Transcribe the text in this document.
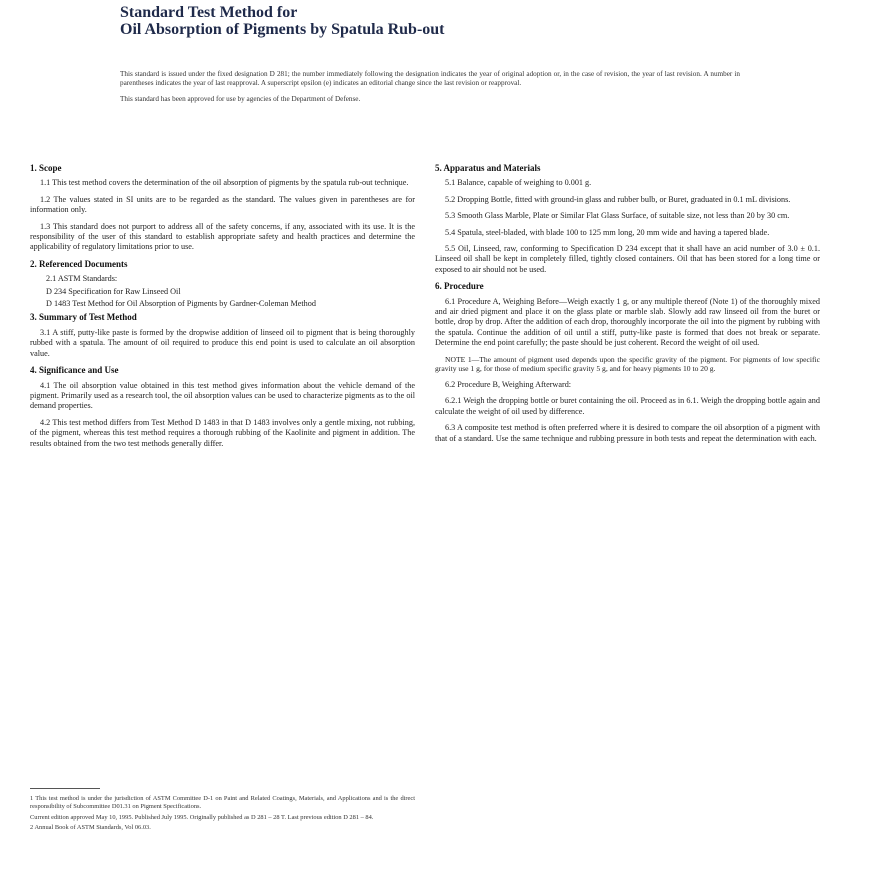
Standard Test Method for

Oil Absorption of Pigments by Spatula Rub-out

This standard is issued under the fixed designation D 281; the number immediately following the designation indicates the year of original adoption or, in the case of revision, the year of last revision. A number in parentheses indicates the year of last reapproval. A superscript epsilon (e) indicates an editorial change since the last revision or reapproval.

This standard has been approved for use by agencies of the Department of Defense.

1. Scope

1.1 This test method covers the determination of the oil absorption of pigments by the spatula rub-out technique.

1.2 The values stated in SI units are to be regarded as the standard. The values given in parentheses are for information only.

1.3 This standard does not purport to address all of the safety concerns, if any, associated with its use. It is the responsibility of the user of this standard to establish appropriate safety and health practices and determine the applicability of regulatory limitations prior to use.

2. Referenced Documents

2.1 ASTM Standards:

D 234 Specification for Raw Linseed Oil

D 1483 Test Method for Oil Absorption of Pigments by Gardner-Coleman Method

3. Summary of Test Method

3.1 A stiff, putty-like paste is formed by the dropwise addition of linseed oil to pigment that is being thoroughly rubbed with a spatula. The amount of oil required to produce this end point is used to calculate an oil absorption value.

4. Significance and Use

4.1 The oil absorption value obtained in this test method gives information about the vehicle demand of the pigment. Primarily used as a research tool, the oil absorption values can be used to characterize pigments as to the oil demand properties.

4.2 This test method differs from Test Method D 1483 in that D 1483 involves only a gentle mixing, not rubbing, of the pigment, whereas this test method requires a thorough rubbing of the Kaolinite and pigment in addition. The results obtained from the two test methods generally differ.

1 This test method is under the jurisdiction of ASTM Committee D-1 on Paint and Related Coatings, Materials, and Applications and is the direct responsibility of Subcommittee D01.31 on Pigment Specifications.

Current edition approved May 10, 1995. Published July 1995. Originally published as D 281 – 28 T. Last previous edition D 281 – 84.

2 Annual Book of ASTM Standards, Vol 06.03.

5. Apparatus and Materials

5.1 Balance, capable of weighing to 0.001 g.

5.2 Dropping Bottle, fitted with ground-in glass and rubber bulb, or Buret, graduated in 0.1 mL divisions.

5.3 Smooth Glass Marble, Plate or Similar Flat Glass Surface, of suitable size, not less than 20 by 30 cm.

5.4 Spatula, steel-bladed, with blade 100 to 125 mm long, 20 mm wide and having a tapered blade.

5.5 Oil, Linseed, raw, conforming to Specification D 234 except that it shall have an acid number of 3.0 ± 0.1. Linseed oil shall be kept in completely filled, tightly closed containers. Oil that has been stored for a long time or exposed to air should not be used.

6. Procedure

6.1 Procedure A, Weighing Before—Weigh exactly 1 g, or any multiple thereof (Note 1) of the thoroughly mixed and air dried pigment and place it on the glass plate or marble slab. Slowly add raw linseed oil from the buret or bottle, drop by drop. After the addition of each drop, thoroughly incorporate the oil into the pigment by rubbing with the spatula. Continue the addition of oil until a stiff, putty-like paste is formed that does not break or separate. Determine the end point carefully; the paste should be just coherent. Record the weight of oil used.

NOTE 1—The amount of pigment used depends upon the specific gravity of the pigment. For pigments of low specific gravity use 1 g, for those of medium specific gravity 5 g, and for heavy pigments 10 to 20 g.

6.2 Procedure B, Weighing Afterward:

6.2.1 Weigh the dropping bottle or buret containing the oil. Proceed as in 6.1. Weigh the dropping bottle again and calculate the weight of oil used by difference.

6.3 A composite test method is often preferred where it is desired to compare the oil absorption of a pigment with that of a standard. Use the same technique and rubbing pressure in both tests and repeat the determination with each.
